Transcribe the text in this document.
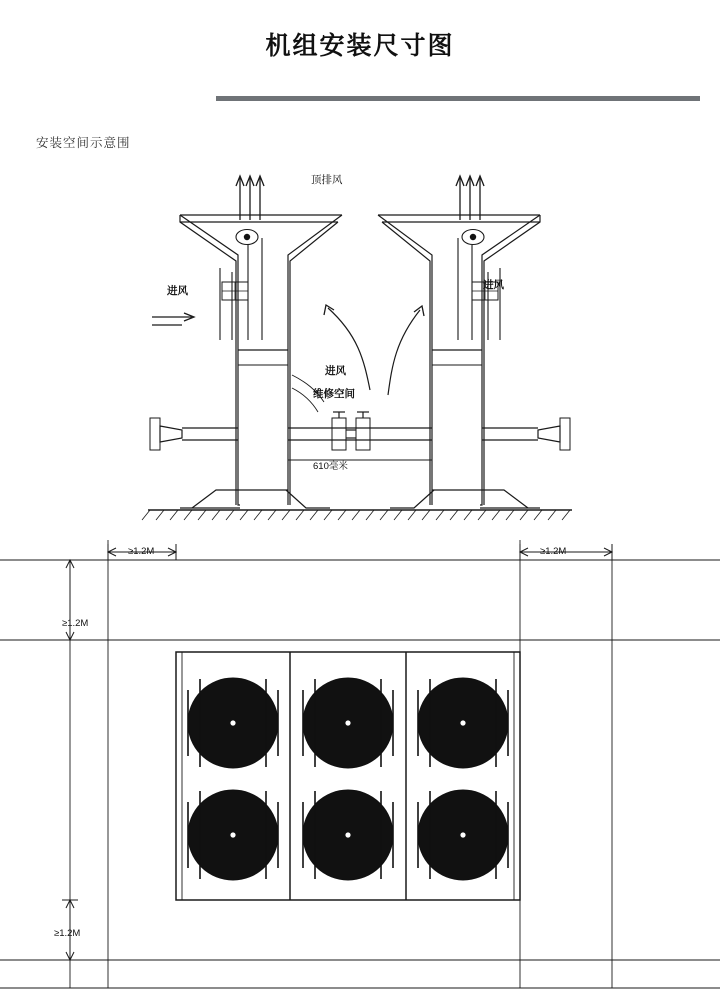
机组安装尺寸图
安装空间示意围
顶排风
进风	进风
进风
维修空间
610毫米
≥1.2M	≥1.2M
≥1.2M
≥1.2M
